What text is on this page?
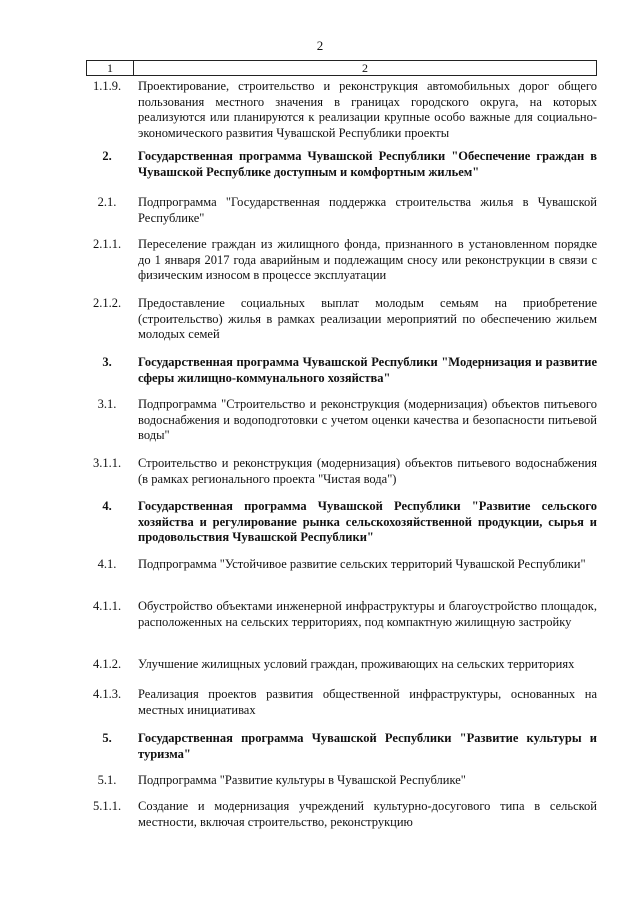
2
1	2
1.1.9.	Проектирование, строительство и реконструкция автомобильных дорог общего пользования местного значения в границах городского округа, на которых реализуются или планируются к реализации крупные особо важные для социально-экономического развития Чувашской Республики проекты
2.	Государственная программа Чувашской Республики "Обеспечение граждан в Чувашской Республике доступным и комфортным жильем"
2.1.	Подпрограмма "Государственная поддержка строительства жилья в Чувашской Республике"
2.1.1.	Переселение граждан из жилищного фонда, признанного в установленном порядке до 1 января 2017 года аварийным и подлежащим сносу или реконструкции в связи с физическим износом в процессе эксплуатации
2.1.2.	Предоставление социальных выплат молодым семьям на приобретение (строительство) жилья в рамках реализации мероприятий по обеспечению жильем молодых семей
3.	Государственная программа Чувашской Республики "Модернизация и развитие сферы жилищно-коммунального хозяйства"
3.1.	Подпрограмма "Строительство и реконструкция (модернизация) объектов питьевого водоснабжения и водоподготовки с учетом оценки качества и безопасности питьевой воды"
3.1.1.	Строительство и реконструкция (модернизация) объектов питьевого водоснабжения (в рамках регионального проекта "Чистая вода")
4.	Государственная программа Чувашской Республики "Развитие сельского хозяйства и регулирование рынка сельскохозяйственной продукции, сырья и продовольствия Чувашской Республики"
4.1.	Подпрограмма "Устойчивое развитие сельских территорий Чувашской Республики"
4.1.1.	Обустройство объектами инженерной инфраструктуры и благоустройство площадок, расположенных на сельских территориях, под компактную жилищную застройку
4.1.2.	Улучшение жилищных условий граждан, проживающих на сельских территориях
4.1.3.	Реализация проектов развития общественной инфраструктуры, основанных на местных инициативах
5.	Государственная программа Чувашской Республики "Развитие культуры и туризма"
5.1.	Подпрограмма "Развитие культуры в Чувашской Республике"
5.1.1.	Создание и модернизация учреждений культурно-досугового типа в сельской местности, включая строительство, реконструкцию
